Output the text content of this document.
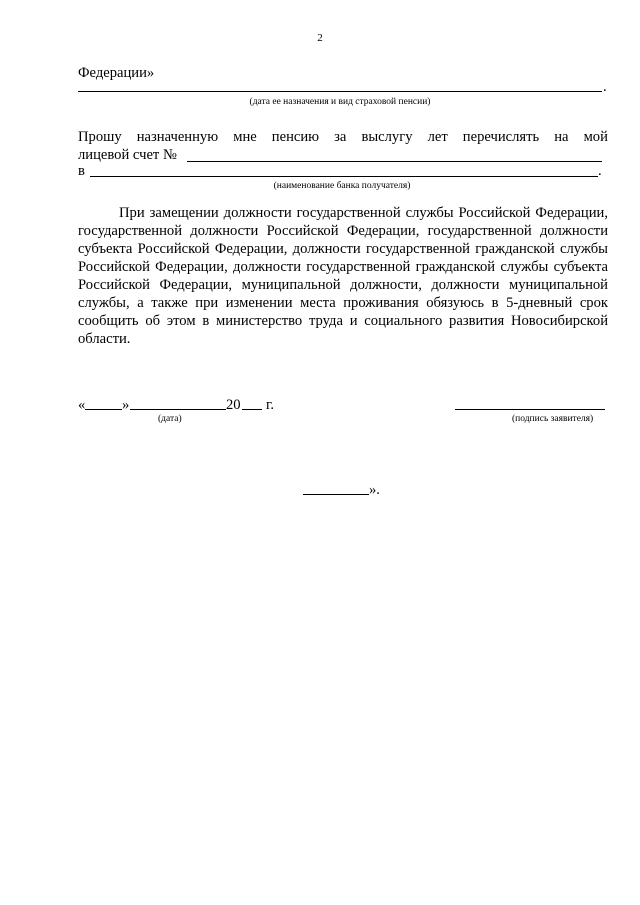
2
Федерации»
.
(дата ее назначения и вид страховой пенсии)
Прошу назначенную мне пенсию за выслугу лет перечислять на мой
лицевой счет №
в	.
(наименование банка получателя)

При замещении должности государственной службы Российской Федерации, государственной должности Российской Федерации, государственной должности субъекта Российской Федерации, должности государственной гражданской службы Российской Федерации, должности государственной гражданской службы субъекта Российской Федерации, муниципальной должности, должности муниципальной службы, а также при изменении места проживания обязуюсь в 5-дневный срок сообщить об этом в министерство труда и социального развития Новосибирской области.

«	»	20 г.
(дата)	(подпись заявителя)
».
